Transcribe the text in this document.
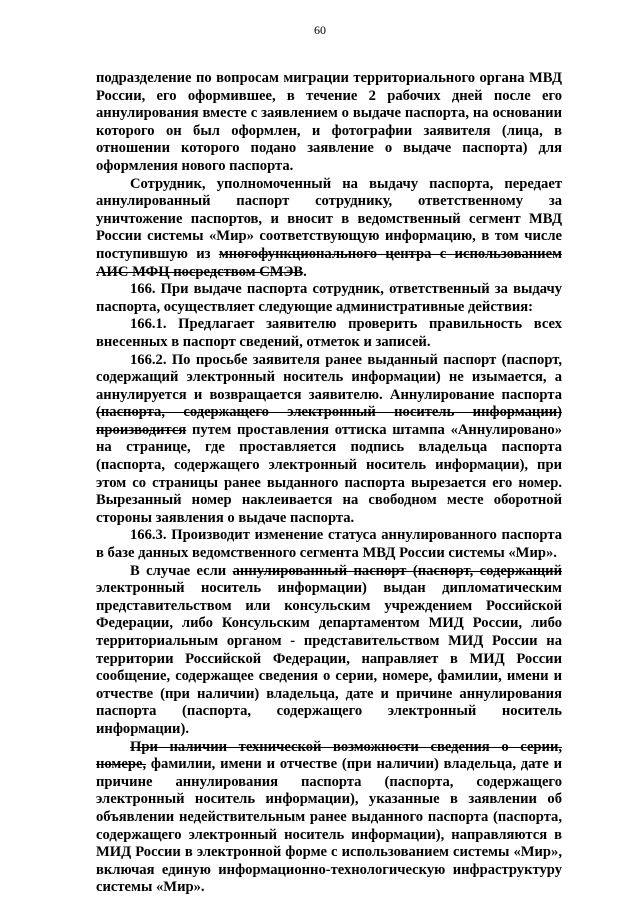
60

подразделение по вопросам миграции территориального органа МВД России, его оформившее, в течение 2 рабочих дней после его аннулирования вместе с заявлением о выдаче паспорта, на основании которого он был оформлен, и фотографии заявителя (лица, в отношении которого подано заявление о выдаче паспорта) для оформления нового паспорта.

Сотрудник, уполномоченный на выдачу паспорта, передает аннулированный паспорт сотруднику, ответственному за уничтожение паспортов, и вносит в ведомственный сегмент МВД России системы «Мир» соответствующую информацию, в том числе поступившую из многофункционального центра с использованием АИС МФЦ посредством СМЭВ.

166. При выдаче паспорта сотрудник, ответственный за выдачу паспорта, осуществляет следующие административные действия:

166.1. Предлагает заявителю проверить правильность всех внесенных в паспорт сведений, отметок и записей.

166.2. По просьбе заявителя ранее выданный паспорт (паспорт, содержащий электронный носитель информации) не изымается, а аннулируется и возвращается заявителю. Аннулирование паспорта (паспорта, содержащего электронный носитель информации) производится путем проставления оттиска штампа «Аннулировано» на странице, где проставляется подпись владельца паспорта (паспорта, содержащего электронный носитель информации), при этом со страницы ранее выданного паспорта вырезается его номер. Вырезанный номер наклеивается на свободном месте оборотной стороны заявления о выдаче паспорта.

166.3. Производит изменение статуса аннулированного паспорта в базе данных ведомственного сегмента МВД России системы «Мир».

В случае если аннулированный паспорт (паспорт, содержащий электронный носитель информации) выдан дипломатическим представительством или консульским учреждением Российской Федерации, либо Консульским департаментом МИД России, либо территориальным органом - представительством МИД России на территории Российской Федерации, направляет в МИД России сообщение, содержащее сведения о серии, номере, фамилии, имени и отчестве (при наличии) владельца, дате и причине аннулирования паспорта (паспорта, содержащего электронный носитель информации).

При наличии технической возможности сведения о серии, номере, фамилии, имени и отчестве (при наличии) владельца, дате и причине аннулирования паспорта (паспорта, содержащего электронный носитель информации), указанные в заявлении об объявлении недействительным ранее выданного паспорта (паспорта, содержащего электронный носитель информации), направляются в МИД России в электронной форме с использованием системы «Мир», включая единую информационно-технологическую инфраструктуру системы «Мир».
